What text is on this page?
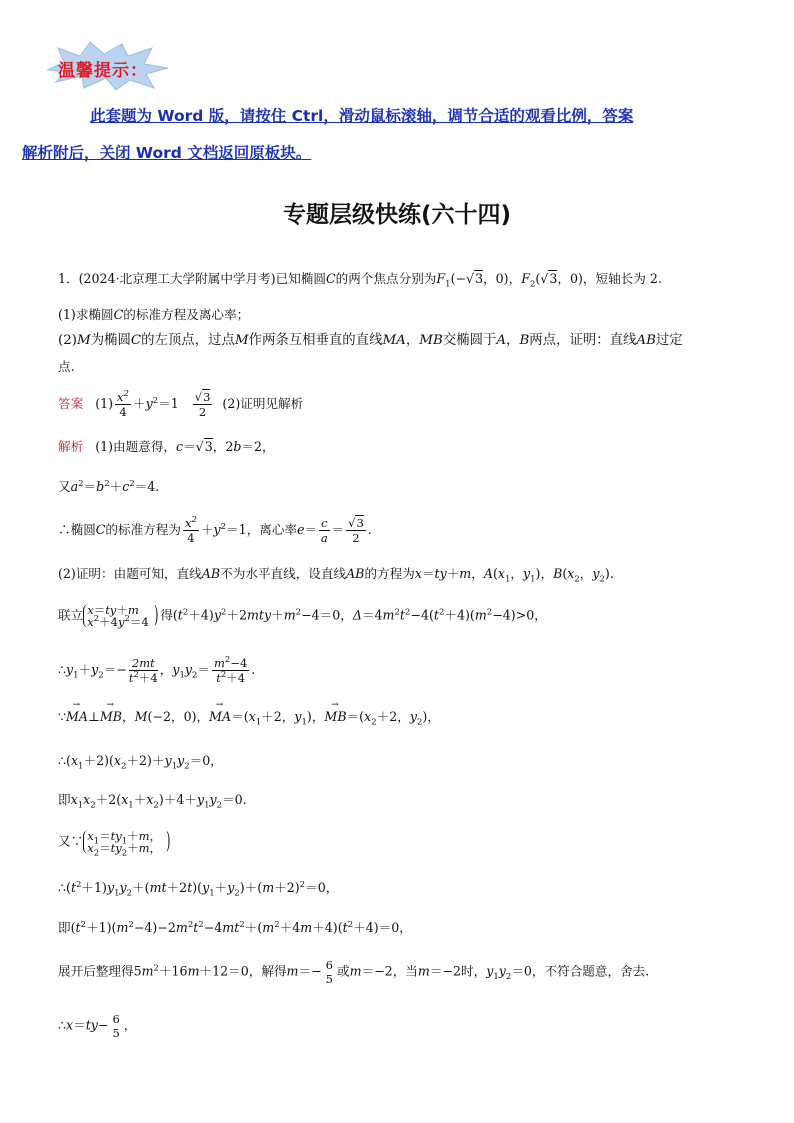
温馨提示：
此套题为 Word 版，请按住 Ctrl，滑动鼠标滚轴，调节合适的观看比例，答案
解析附后，关闭 Word 文档返回原板块。
专题层级快练(六十四)
1．(2024·北京理工大学附属中学月考)已知椭圆C的两个焦点分别为$F_1(-√3$，0)，$F_2(√3$，0)，短轴长为 2.
(1)求椭圆C的标准方程及离心率；
(2)M为椭圆C的左顶点，过点M作两条互相垂直的直线MA，MB交椭圆于A，B两点，证明：直线AB过定
点.
答案 $(1) \frac{x^2}{4} +y^2=1 \frac{√3}{2} (2)$证明见解析
解析 (1)由题意得，c＝√3，2b＝2，
又$a^2=b^2+c^2=4$.
∴椭圆C的标准方程为 $\frac{x^2}{4} +y^2=1$，离心率$e= \frac{c}{a} = \frac{√3}{2}$ .
(2)证明：由题可知，直线AB不为水平直线，设直线AB的方程为x＝ty＋m，$A(x_1$，$y_1$)，$B(x_2$，$y_2$).
联立 x＝ty＋m
$x^2+4y^2=4$ ) 得$(t^2+4)y^2+2mty+m^2-4=0$，$\Delta=4m^2t^2-4(t^2+4)(m^2-4)>0$，
$\therefore y_1+y_2=- \frac{2mt}{t^2+4}$ ，$y_1y_2= \frac{m^2-4}{t^2+4}$ .
∵→ MA⊥→ MB，M(−2，0)，→ $MA=(x_1+2$，$y_1$)，→ $MB=(x_2+2$，$y_2$)，
$\therefore(x_1+2)(x_2+2)+y_1y_2=0$，
即$x_1x_2+2(x_1+x_2)+4+y_1y_2=0$.
又∵ $x_1=ty_1+m$，
$x_2=ty_2+m$， )
$\therefore(t^2+1)y_1y_2+(mt+2t)(y_1+y_2)+(m+2)^2=0$，
即$(t^2+1)(m^2-4)-2m^2t^2-4mt^2+(m^2+4m+4)(t^2+4)=0$，
展开后整理得$5m^2+16m+12=0$，解得m＝− 6
5
或m＝−2，当m＝−2时，$y_1y_2=0$，不符合题意，舍去.
∴x＝ty− 6
5
，
